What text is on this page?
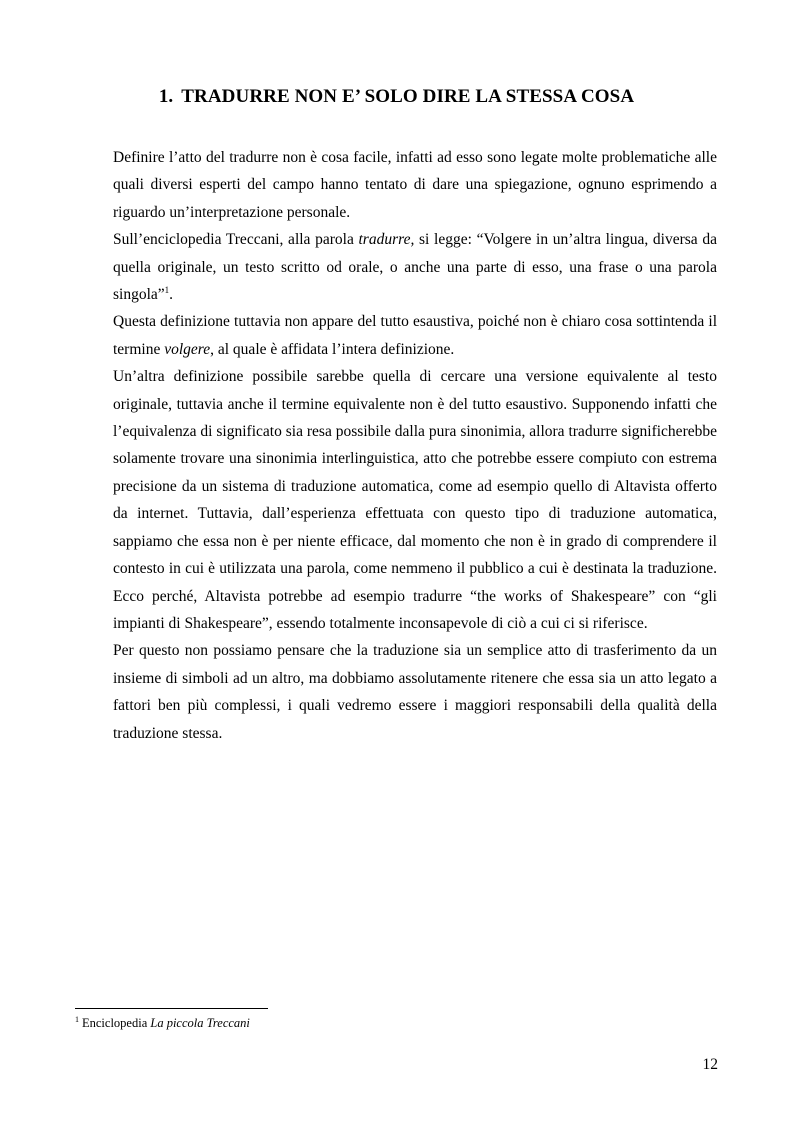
1. TRADURRE NON E’ SOLO DIRE LA STESSA COSA

Definire l’atto del tradurre non è cosa facile, infatti ad esso sono legate molte problematiche alle quali diversi esperti del campo hanno tentato di dare una spiegazione, ognuno esprimendo a riguardo un’interpretazione personale.

Sull’enciclopedia Treccani, alla parola tradurre, si legge: “Volgere in un’altra lingua, diversa da quella originale, un testo scritto od orale, o anche una parte di esso, una frase o una parola singola”$^1$.

Questa definizione tuttavia non appare del tutto esaustiva, poiché non è chiaro cosa sottintenda il termine volgere, al quale è affidata l’intera definizione.

Un’altra definizione possibile sarebbe quella di cercare una versione equivalente al testo originale, tuttavia anche il termine equivalente non è del tutto esaustivo. Supponendo infatti che l’equivalenza di significato sia resa possibile dalla pura sinonimia, allora tradurre significherebbe solamente trovare una sinonimia interlinguistica, atto che potrebbe essere compiuto con estrema precisione da un sistema di traduzione automatica, come ad esempio quello di Altavista offerto da internet. Tuttavia, dall’esperienza effettuata con questo tipo di traduzione automatica, sappiamo che essa non è per niente efficace, dal momento che non è in grado di comprendere il contesto in cui è utilizzata una parola, come nemmeno il pubblico a cui è destinata la traduzione. Ecco perché, Altavista potrebbe ad esempio tradurre “the works of Shakespeare” con “gli impianti di Shakespeare”, essendo totalmente inconsapevole di ciò a cui ci si riferisce.

Per questo non possiamo pensare che la traduzione sia un semplice atto di trasferimento da un insieme di simboli ad un altro, ma dobbiamo assolutamente ritenere che essa sia un atto legato a fattori ben più complessi, i quali vedremo essere i maggiori responsabili della qualità della traduzione stessa.

$^1$ Enciclopedia La piccola Treccani
12
